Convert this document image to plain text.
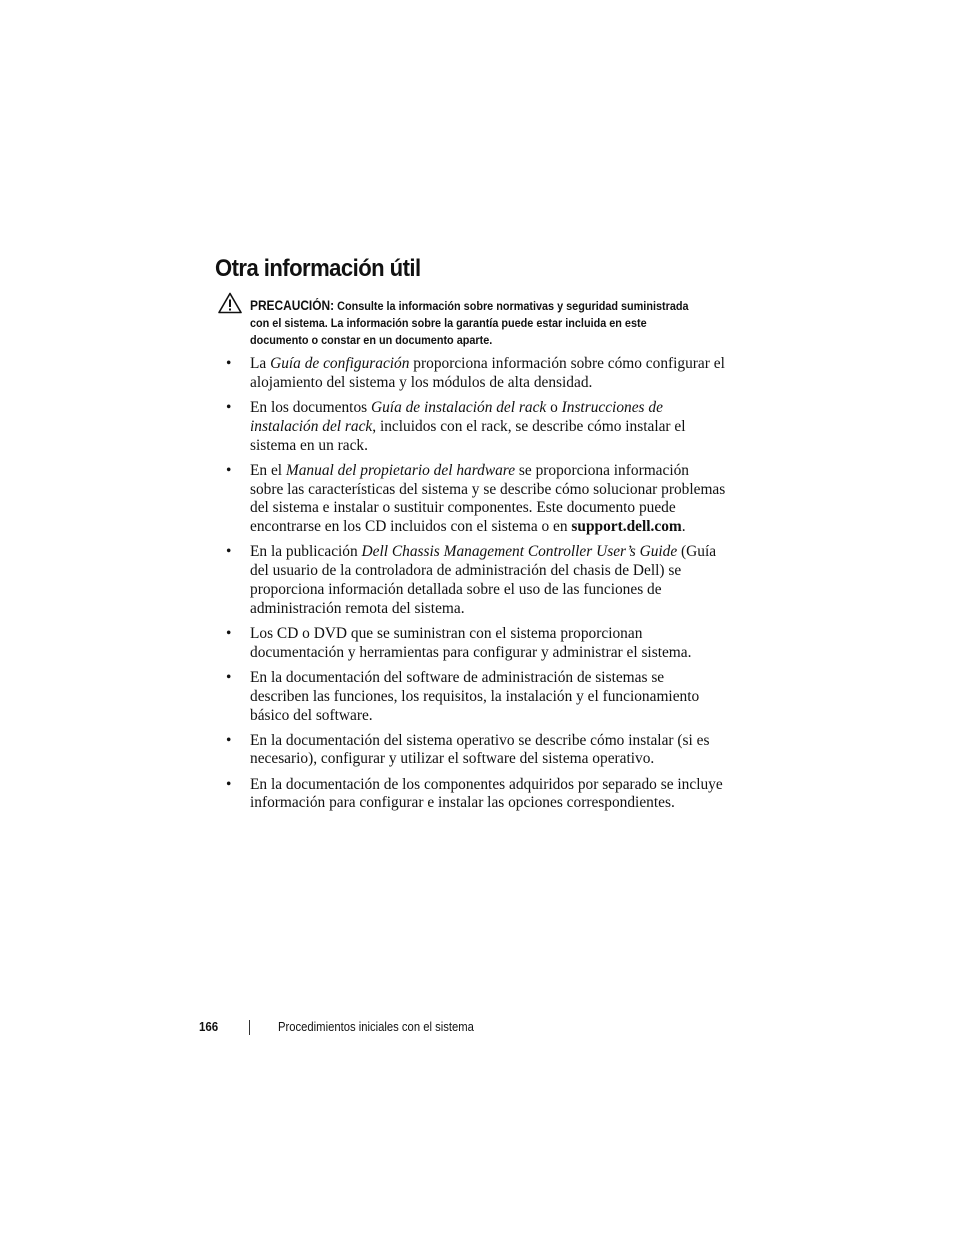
Otra información útil
PRECAUCIÓN: Consulte la información sobre normativas y seguridad suministrada con el sistema. La información sobre la garantía puede estar incluida en este documento o constar en un documento aparte.
• La Guía de configuración proporciona información sobre cómo configurar el alojamiento del sistema y los módulos de alta densidad.
• En los documentos Guía de instalación del rack o Instrucciones de instalación del rack, incluidos con el rack, se describe cómo instalar el sistema en un rack.
• En el Manual del propietario del hardware se proporciona información sobre las características del sistema y se describe cómo solucionar problemas del sistema e instalar o sustituir componentes. Este documento puede encontrarse en los CD incluidos con el sistema o en support.dell.com.
• En la publicación Dell Chassis Management Controller User’s Guide (Guía del usuario de la controladora de administración del chasis de Dell) se proporciona información detallada sobre el uso de las funciones de administración remota del sistema.
• Los CD o DVD que se suministran con el sistema proporcionan documentación y herramientas para configurar y administrar el sistema.
• En la documentación del software de administración de sistemas se describen las funciones, los requisitos, la instalación y el funcionamiento básico del software.
• En la documentación del sistema operativo se describe cómo instalar (si es necesario), configurar y utilizar el software del sistema operativo.
• En la documentación de los componentes adquiridos por separado se incluye información para configurar e instalar las opciones correspondientes.
166	Procedimientos iniciales con el sistema
